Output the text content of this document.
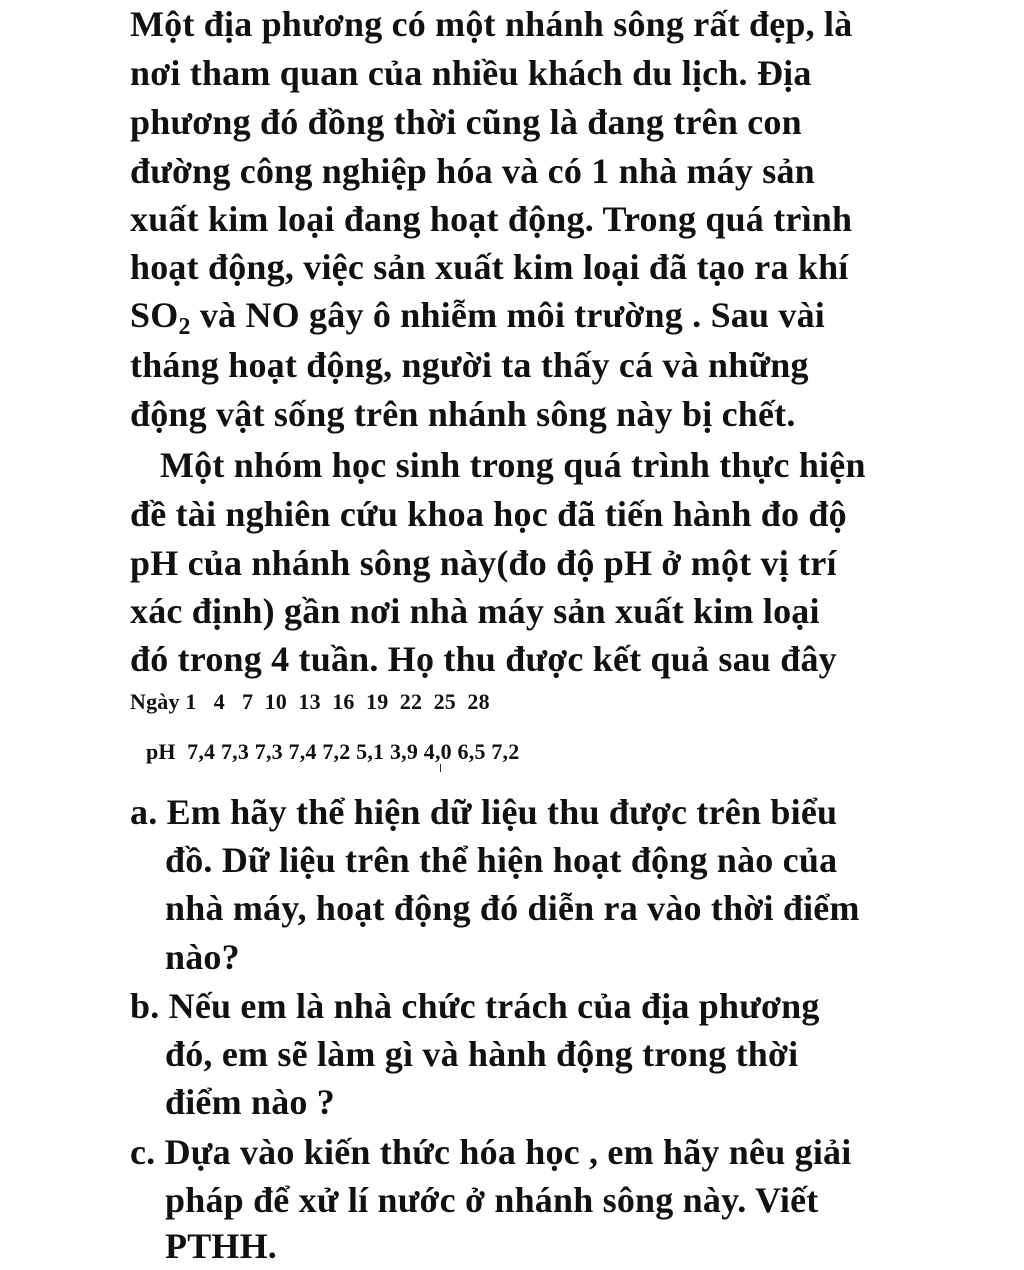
Một địa phương có một nhánh sông rất đẹp, là
nơi tham quan của nhiều khách du lịch. Địa
phương đó đồng thời cũng là đang trên con
đường công nghiệp hóa và có 1 nhà máy sản
xuất kim loại đang hoạt động. Trong quá trình
hoạt động, việc sản xuất kim loại đã tạo ra khí
SO2 và NO gây ô nhiễm môi trường . Sau vài
tháng hoạt động, người ta thấy cá và những
động vật sống trên nhánh sông này bị chết.
Một nhóm học sinh trong quá trình thực hiện
đề tài nghiên cứu khoa học đã tiến hành đo độ
pH của nhánh sông này(đo độ pH ở một vị trí
xác định) gần nơi nhà máy sản xuất kim loại
đó trong 4 tuần. Họ thu được kết quả sau đây
Ngày 1   4   7  10  13  16  19  22  25  28
pH  7,4 7,3 7,3 7,4 7,2 5,1 3,9 4,0 6,5 7,2
a. Em hãy thể hiện dữ liệu thu được trên biểu
đồ. Dữ liệu trên thể hiện hoạt động nào của
nhà máy, hoạt động đó diễn ra vào thời điểm
nào?
b. Nếu em là nhà chức trách của địa phương
đó, em sẽ làm gì và hành động trong thời
điểm nào ?
c. Dựa vào kiến thức hóa học , em hãy nêu giải
pháp để xử lí nước ở nhánh sông này. Viết
PTHH.
